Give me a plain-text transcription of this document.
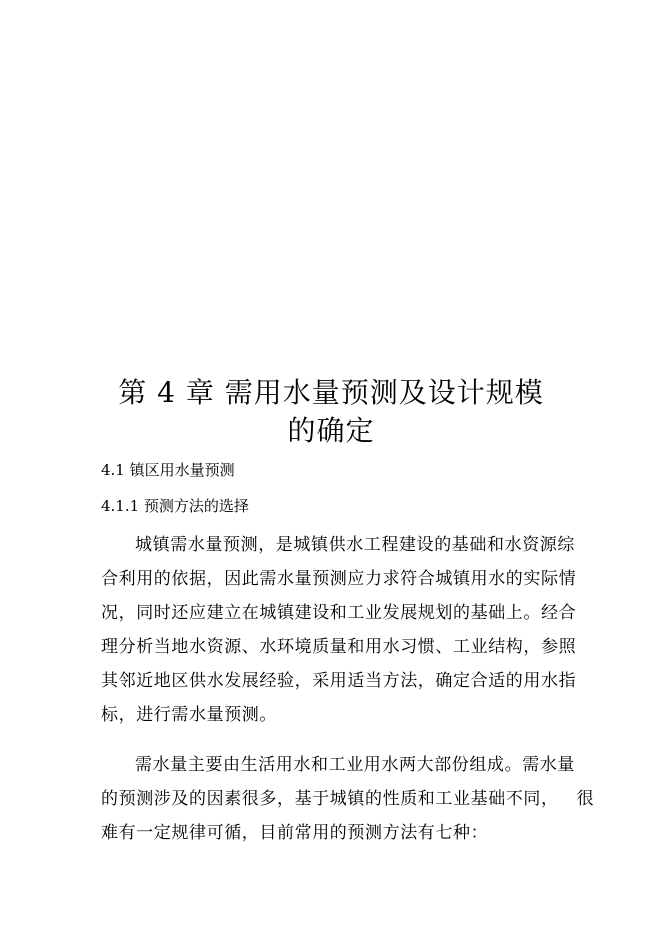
第 4 章 需用水量预测及设计规模
的确定
4.1 镇区用水量预测
4.1.1 预测方法的选择
城镇需水量预测，是城镇供水工程建设的基础和水资源综
合利用的依据，因此需水量预测应力求符合城镇用水的实际情
况，同时还应建立在城镇建设和工业发展规划的基础上。经合
理分析当地水资源、水环境质量和用水习惯、工业结构，参照
其邻近地区供水发展经验，采用适当方法，确定合适的用水指
标，进行需水量预测。
需水量主要由生活用水和工业用水两大部份组成。需水量
的预测涉及的因素很多，基于城镇的性质和工业基础不同，   很
难有一定规律可循，目前常用的预测方法有七种：
